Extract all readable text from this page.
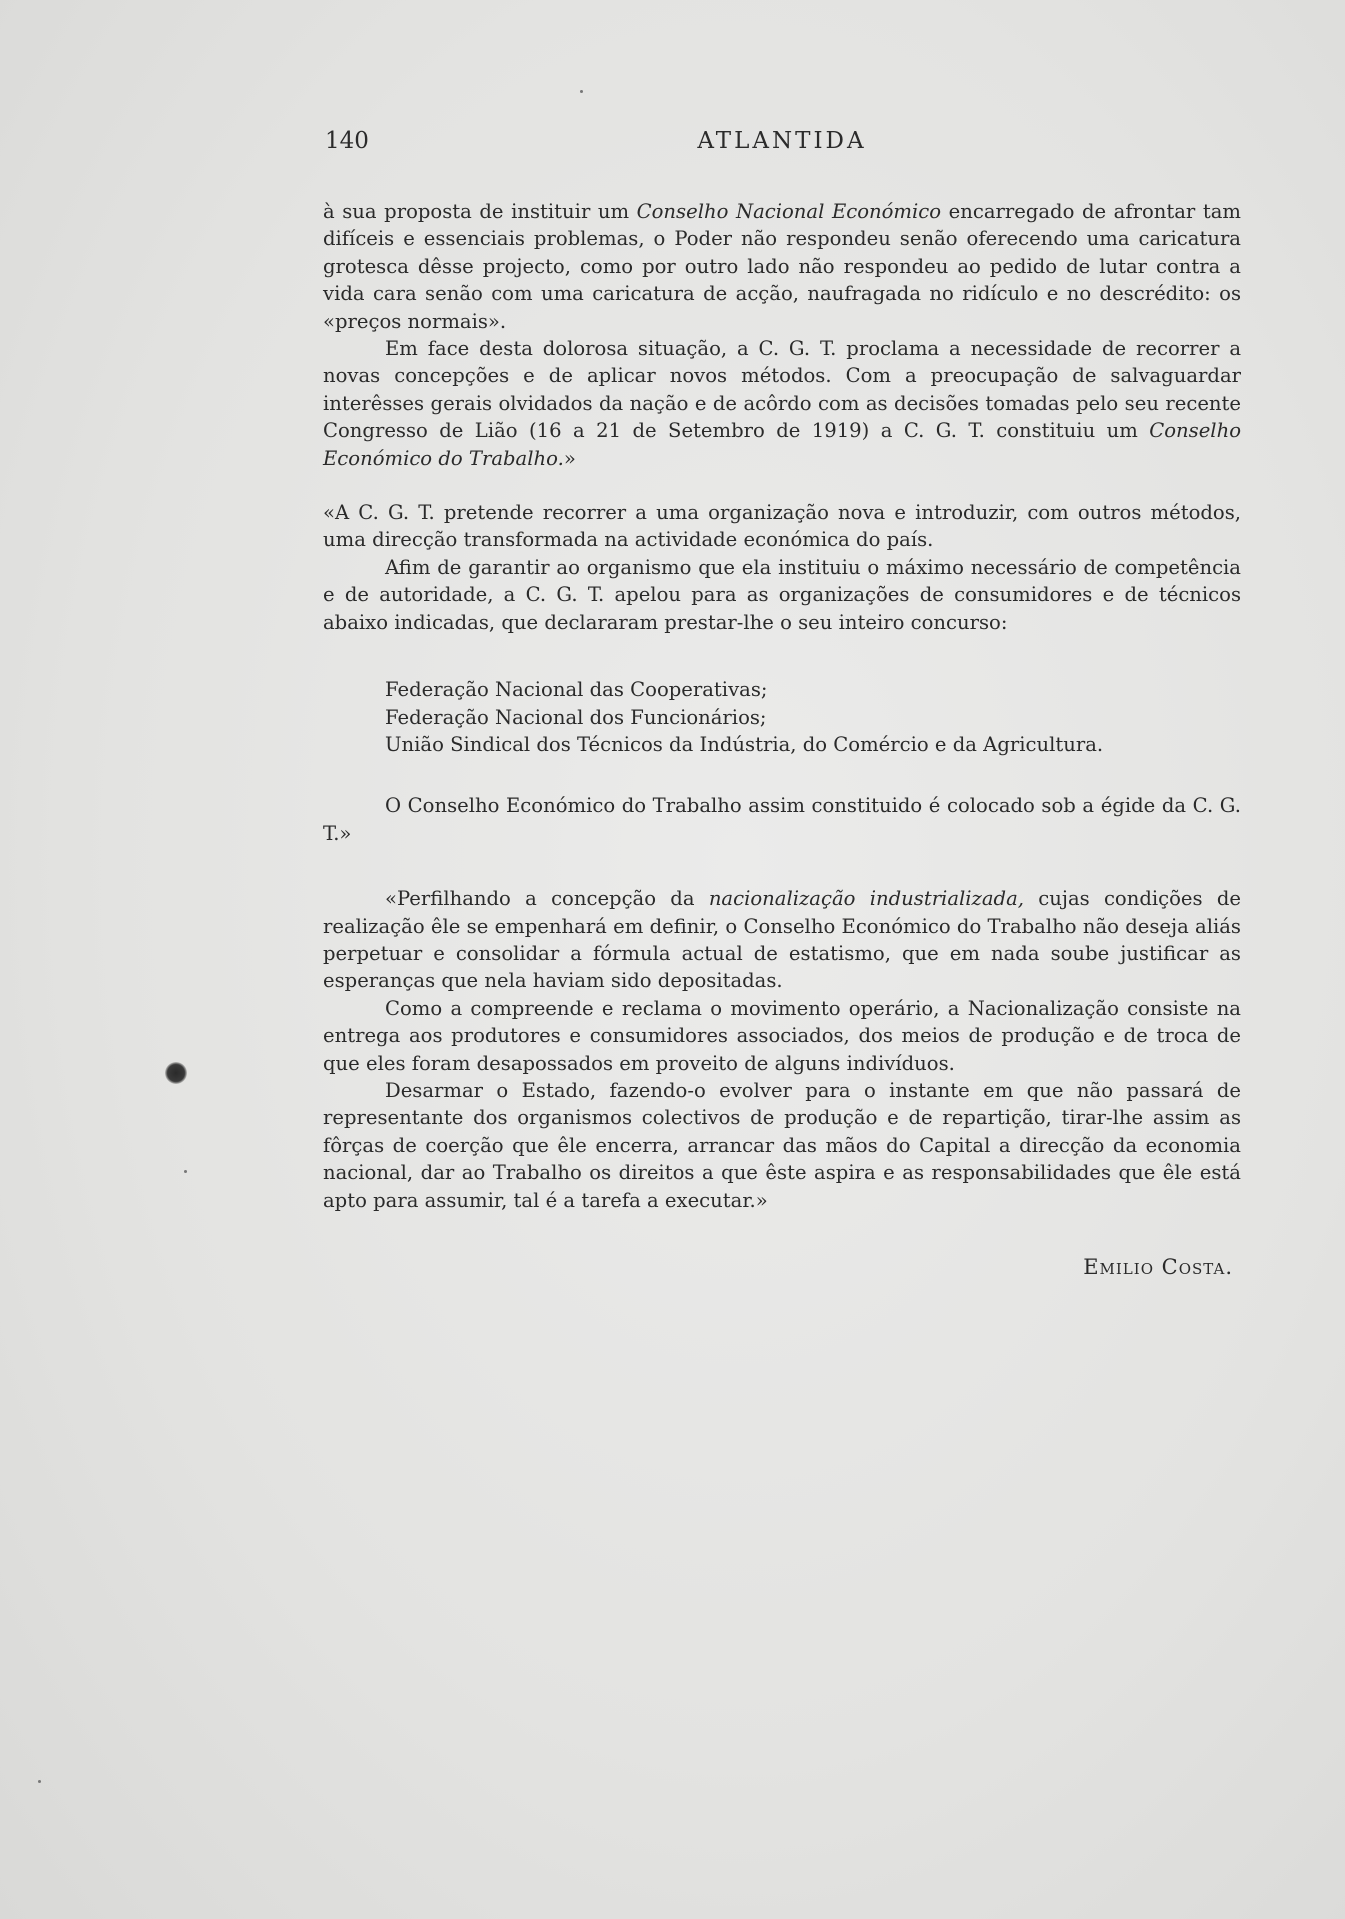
140	ATLANTIDA

à sua proposta de instituir um Conselho Nacional Económico encarregado de afrontar tam difíceis e essenciais problemas, o Poder não respondeu senão oferecendo uma caricatura grotesca dêsse projecto, como por outro lado não respondeu ao pedido de lutar contra a vida cara senão com uma caricatura de acção, naufragada no ridículo e no descrédito: os «preços normais».

Em face desta dolorosa situação, a C. G. T. proclama a necessidade de recorrer a novas concepções e de aplicar novos métodos. Com a preocupação de salvaguardar interêsses gerais olvidados da nação e de acôrdo com as decisões tomadas pelo seu recente Congresso de Lião (16 a 21 de Setembro de 1919) a C. G. T. constituiu um Conselho Económico do Trabalho.»

«A C. G. T. pretende recorrer a uma organização nova e introduzir, com outros métodos, uma direcção transformada na actividade económica do país.

Afim de garantir ao organismo que ela instituiu o máximo necessário de competência e de autoridade, a C. G. T. apelou para as organizações de consumidores e de técnicos abaixo indicadas, que declararam prestar-lhe o seu inteiro concurso:

Federação Nacional das Cooperativas;
Federação Nacional dos Funcionários;
União Sindical dos Técnicos da Indústria, do Comércio e da Agricultura.

O Conselho Económico do Trabalho assim constituido é colocado sob a égide da C. G. T.»

«Perfilhando a concepção da nacionalização industrializada, cujas condições de realização êle se empenhará em definir, o Conselho Económico do Trabalho não deseja aliás perpetuar e consolidar a fórmula actual de estatismo, que em nada soube justificar as esperanças que nela haviam sido depositadas.

Como a compreende e reclama o movimento operário, a Nacionalização consiste na entrega aos produtores e consumidores associados, dos meios de produção e de troca de que eles foram desapossados em proveito de alguns indivíduos.

Desarmar o Estado, fazendo-o evolver para o instante em que não passará de representante dos organismos colectivos de produção e de repartição, tirar-lhe assim as fôrças de coerção que êle encerra, arrancar das mãos do Capital a direcção da economia nacional, dar ao Trabalho os direitos a que êste aspira e as responsabilidades que êle está apto para assumir, tal é a tarefa a executar.»

Emilio Costa.
